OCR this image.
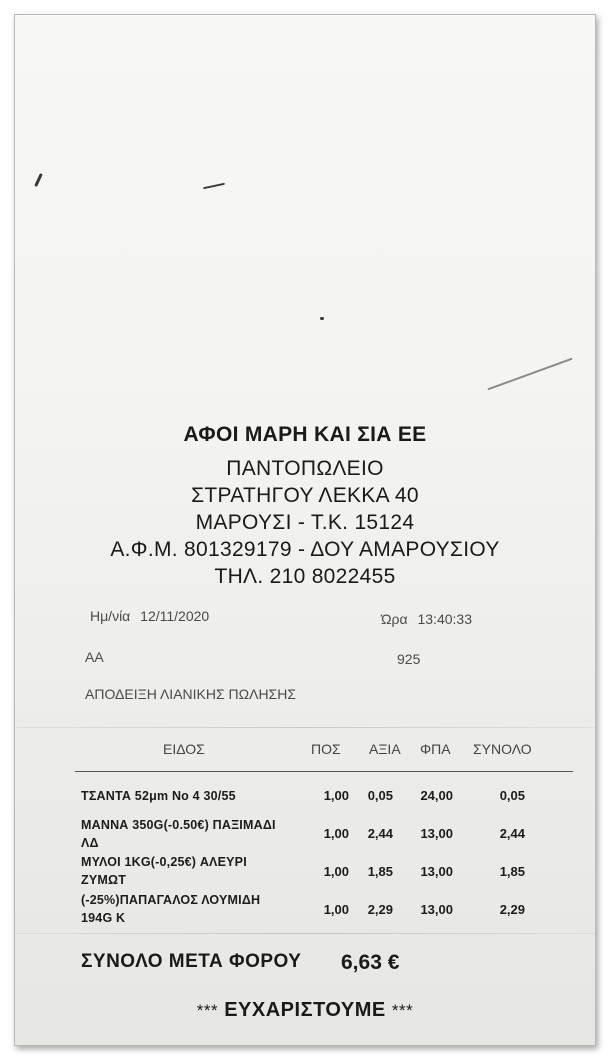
ΑΦΟΙ ΜΑΡΗ ΚΑΙ ΣΙΑ ΕΕ
ΠΑΝΤΟΠΩΛΕΙΟ
ΣΤΡΑΤΗΓΟΥ ΛΕΚΚΑ 40
ΜΑΡΟΥΣΙ - Τ.Κ. 15124
Α.Φ.Μ. 801329179 - ΔΟΥ ΑΜΑΡΟΥΣΙΟΥ
ΤΗΛ. 210 8022455
Ημ/νία 12/11/2020	Ώρα 13:40:33
ΑΑ	925
ΑΠΟΔΕΙΞΗ ΛΙΑΝΙΚΗΣ ΠΩΛΗΣΗΣ
ΕΙΔΟΣ	ΠΟΣ ΑΞΙΑ ΦΠΑ ΣΥΝΟΛΟ
ΤΣΑΝΤΑ 52μm Νο 4 30/55	1,00	0,05	24,00	0,05
ΜΑΝΝΑ 350G(-0.50€) ΠΑΞΙΜΑΔΙ
ΛΔ
1,00	2,44	13,00	2,44
ΜΥΛΟΙ 1KG(-0,25€) ΑΛΕΥΡΙ
ΖΥΜΩΤ
1,00	1,85	13,00	1,85
(-25%)ΠΑΠΑΓΑΛΟΣ ΛΟΥΜΙΔΗ
194G Κ
1,00	2,29	13,00	2,29
ΣΥΝΟΛΟ ΜΕΤΑ ΦΟΡΟΥ 6,63 €
*** ΕΥΧΑΡΙΣΤΟΥΜΕ ***
